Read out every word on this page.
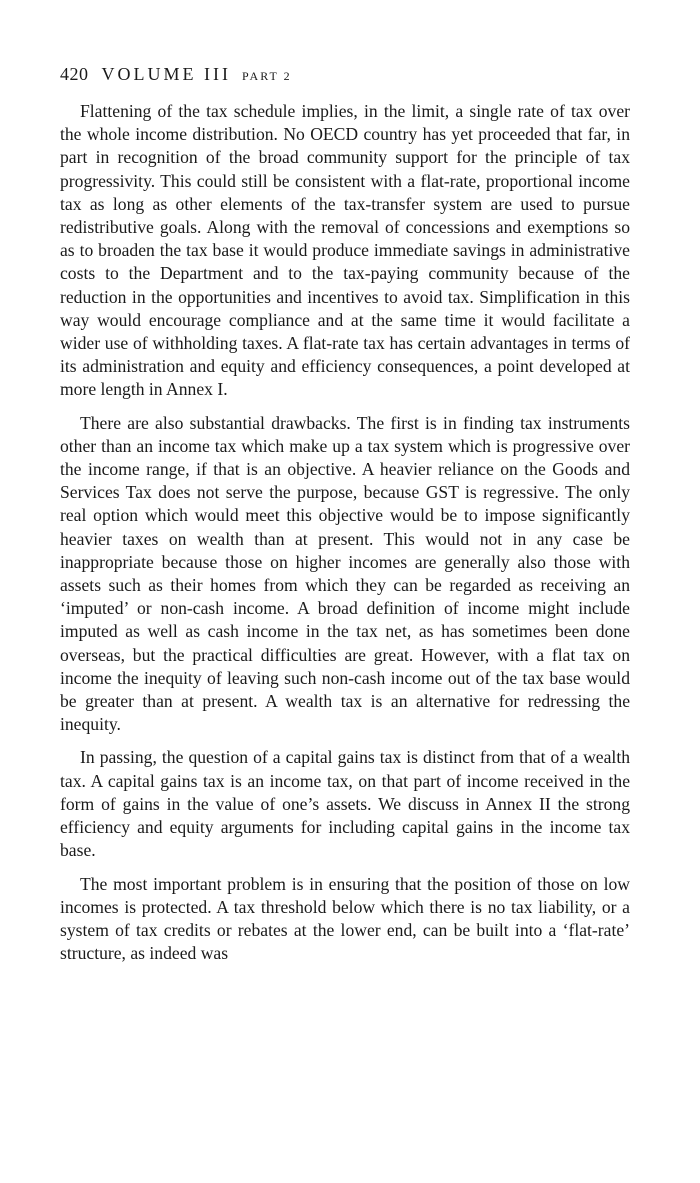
420 VOLUME III PART 2

Flattening of the tax schedule implies, in the limit, a single rate of tax over the whole income distribution. No OECD country has yet proceeded that far, in part in recognition of the broad community support for the principle of tax progressivity. This could still be consistent with a flat-rate, proportional income tax as long as other elements of the tax-transfer system are used to pursue redistributive goals. Along with the removal of concessions and exemptions so as to broaden the tax base it would produce immediate savings in administrative costs to the Department and to the tax-paying community because of the reduction in the opportunities and incentives to avoid tax. Simplification in this way would encourage compliance and at the same time it would facilitate a wider use of withholding taxes. A flat-rate tax has certain advantages in terms of its administration and equity and efficiency consequences, a point developed at more length in Annex I.

There are also substantial drawbacks. The first is in finding tax instruments other than an income tax which make up a tax system which is progressive over the income range, if that is an objective. A heavier reliance on the Goods and Services Tax does not serve the purpose, because GST is regressive. The only real option which would meet this objective would be to impose significantly heavier taxes on wealth than at present. This would not in any case be inappropriate because those on higher incomes are generally also those with assets such as their homes from which they can be regarded as receiving an ‘imputed’ or non-cash income. A broad definition of income might include imputed as well as cash income in the tax net, as has sometimes been done overseas, but the practical difficulties are great. However, with a flat tax on income the inequity of leaving such non-cash income out of the tax base would be greater than at present. A wealth tax is an alternative for redressing the inequity.

In passing, the question of a capital gains tax is distinct from that of a wealth tax. A capital gains tax is an income tax, on that part of income received in the form of gains in the value of one’s assets. We discuss in Annex II the strong efficiency and equity arguments for including capital gains in the income tax base.

The most important problem is in ensuring that the position of those on low incomes is protected. A tax threshold below which there is no tax liability, or a system of tax credits or rebates at the lower end, can be built into a ‘flat-rate’ structure, as indeed was
